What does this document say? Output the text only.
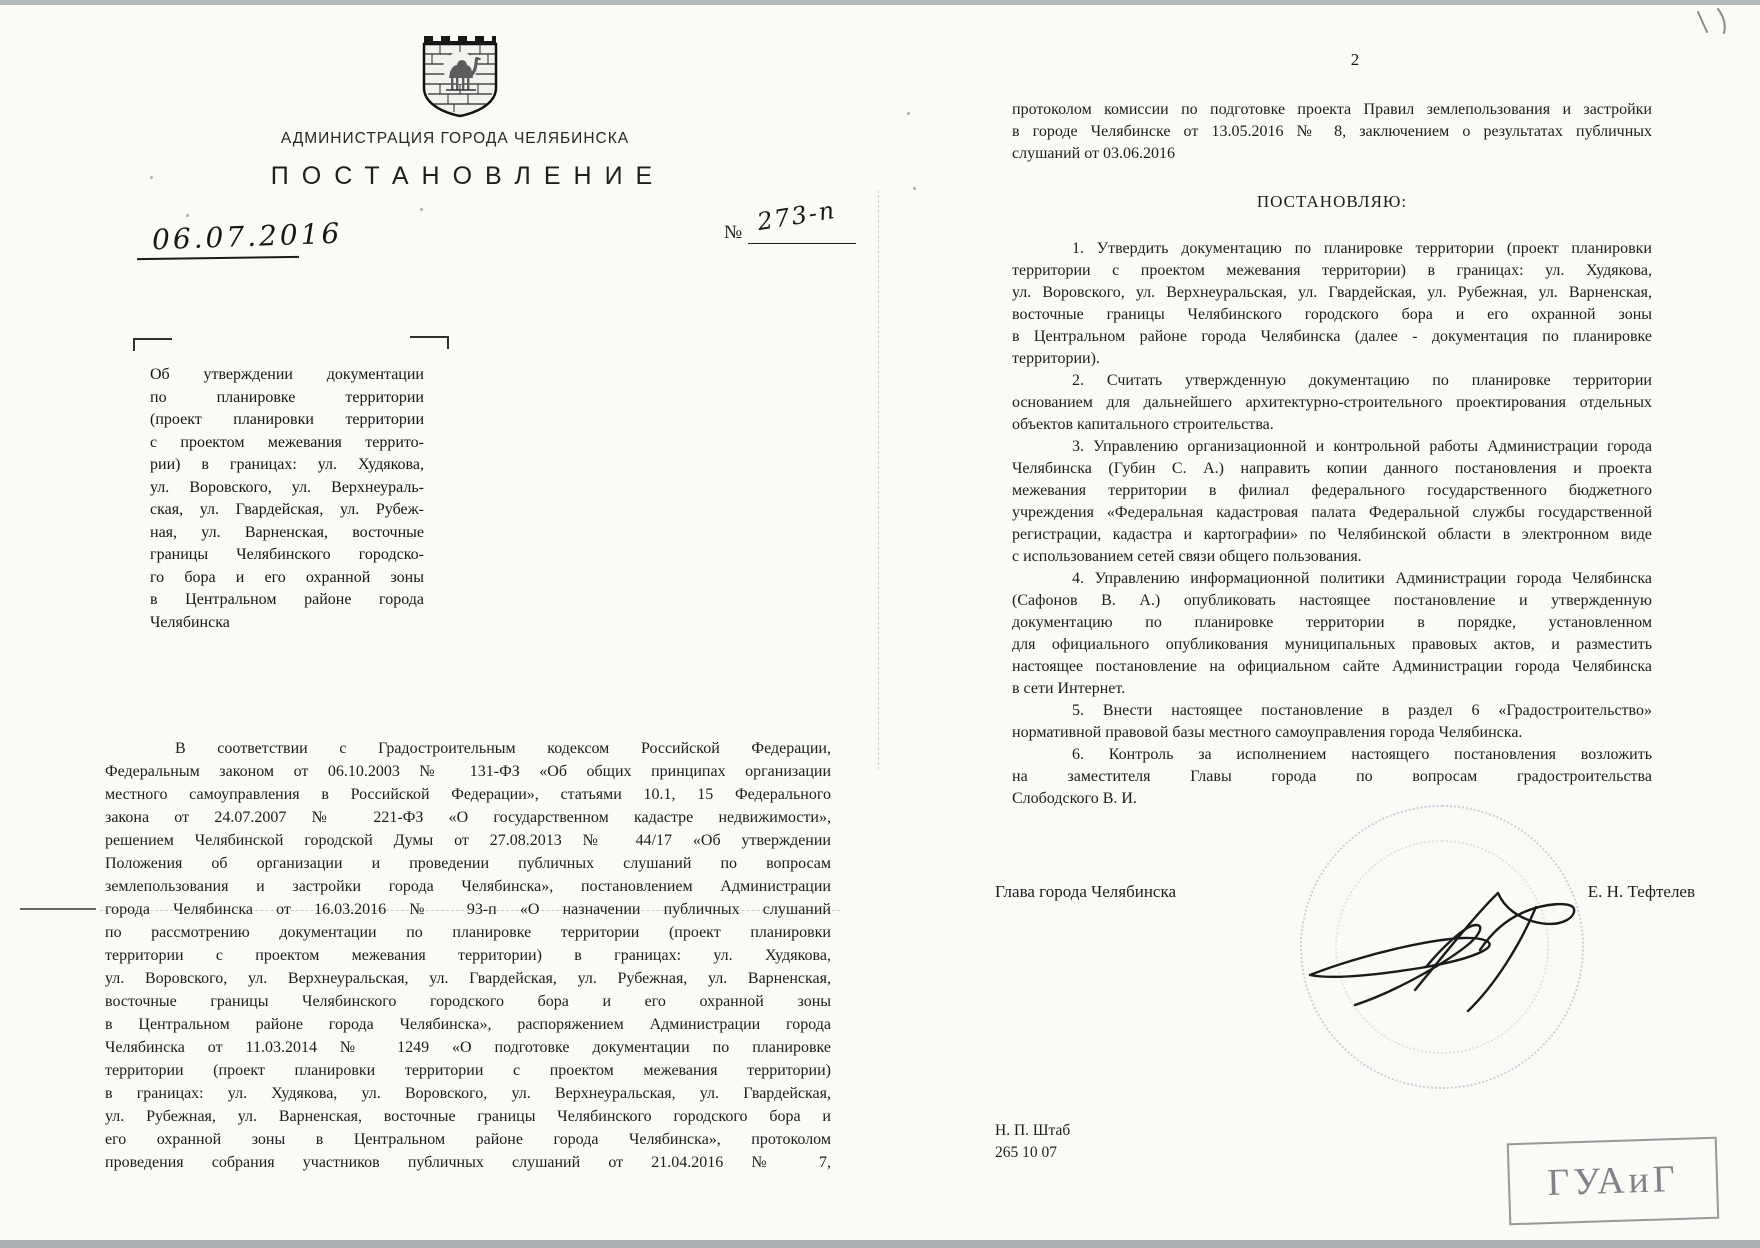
АДМИНИСТРАЦИЯ ГОРОДА ЧЕЛЯБИНСКА
ПОСТАНОВЛЕНИЕ
06.07.2016	№ 273-п
Об утверждении документации
по планировке территории
(проект планировки территории
с проектом межевания террито-
рии) в границах: ул. Худякова,
ул. Воровского, ул. Верхнеураль-
ская, ул. Гвардейская, ул. Рубеж-
ная, ул. Варненская, восточные
границы Челябинского городско-
го бора и его охранной зоны
в Центральном районе города
Челябинска
В соответствии с Градостроительным кодексом Российской Федерации,
Федеральным законом от 06.10.2003 № 131-ФЗ «Об общих принципах организации
местного самоуправления в Российской Федерации», статьями 10.1, 15 Федерального
закона от 24.07.2007 № 221-ФЗ «О государственном кадастре недвижимости»,
решением Челябинской городской Думы от 27.08.2013 № 44/17 «Об утверждении
Положения об организации и проведении публичных слушаний по вопросам
землепользования и застройки города Челябинска», постановлением Администрации
города Челябинска от 16.03.2016 № 93-п «О назначении публичных слушаний
по рассмотрению документации по планировке территории (проект планировки
территории с проектом межевания территории) в границах: ул. Худякова,
ул. Воровского, ул. Верхнеуральская, ул. Гвардейская, ул. Рубежная, ул. Варненская,
восточные границы Челябинского городского бора и его охранной зоны
в Центральном районе города Челябинска», распоряжением Администрации города
Челябинска от 11.03.2014 № 1249 «О подготовке документации по планировке
территории (проект планировки территории с проектом межевания территории)
в границах: ул. Худякова, ул. Воровского, ул. Верхнеуральская, ул. Гвардейская,
ул. Рубежная, ул. Варненская, восточные границы Челябинского городского бора и
его охранной зоны в Центральном районе города Челябинска», протоколом
проведения собрания участников публичных слушаний от 21.04.2016 № 7,
2
протоколом комиссии по подготовке проекта Правил землепользования и застройки
в городе Челябинске от 13.05.2016 № 8, заключением о результатах публичных
слушаний от 03.06.2016
ПОСТАНОВЛЯЮ:
1. Утвердить документацию по планировке территории (проект планировки
территории с проектом межевания территории) в границах: ул. Худякова,
ул. Воровского, ул. Верхнеуральская, ул. Гвардейская, ул. Рубежная, ул. Варненская,
восточные границы Челябинского городского бора и его охранной зоны
в Центральном районе города Челябинска (далее - документация по планировке
территории).
2. Считать утвержденную документацию по планировке территории
основанием для дальнейшего архитектурно-строительного проектирования отдельных
объектов капитального строительства.
3. Управлению организационной и контрольной работы Администрации города
Челябинска (Губин С. А.) направить копии данного постановления и проекта
межевания территории в филиал федерального государственного бюджетного
учреждения «Федеральная кадастровая палата Федеральной службы государственной
регистрации, кадастра и картографии» по Челябинской области в электронном виде
с использованием сетей связи общего пользования.
4. Управлению информационной политики Администрации города Челябинска
(Сафонов В. А.) опубликовать настоящее постановление и утвержденную
документацию по планировке территории в порядке, установленном
для официального опубликования муниципальных правовых актов, и разместить
настоящее постановление на официальном сайте Администрации города Челябинска
в сети Интернет.
5. Внести настоящее постановление в раздел 6 «Градостроительство»
нормативной правовой базы местного самоуправления города Челябинска.
6. Контроль за исполнением настоящего постановления возложить
на заместителя Главы города по вопросам градостроительства
Слободского В. И.
Глава города Челябинска	Е. Н. Тефтелев
Н. П. Штаб
265 10 07
ГУАиГ
